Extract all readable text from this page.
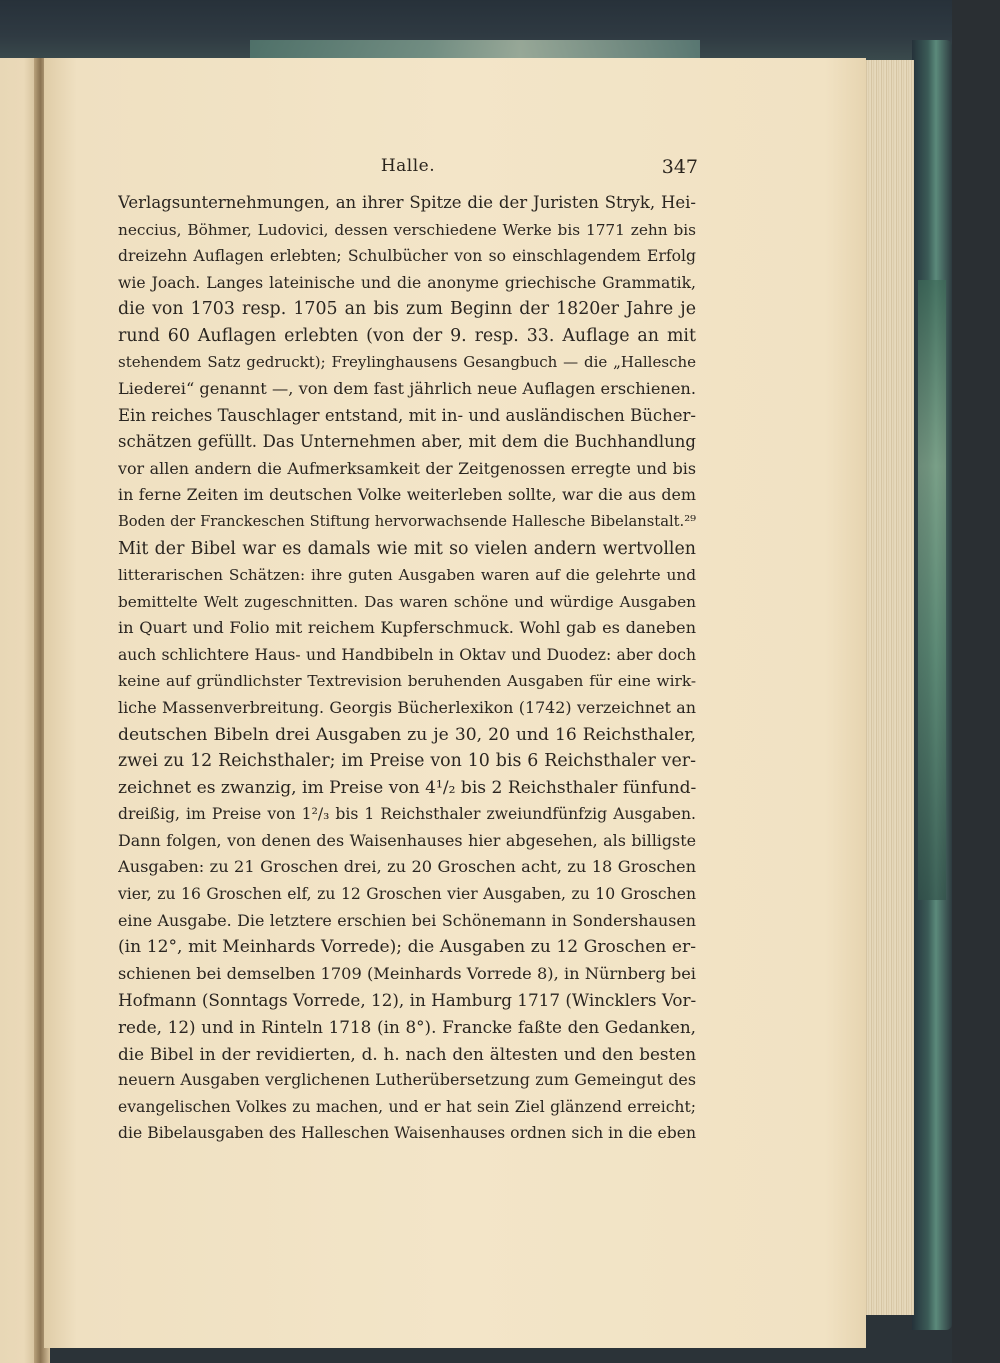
Halle.	347
Verlagsunternehmungen, an ihrer Spitze die der Juristen Stryk, Hei-
neccius, Böhmer, Ludovici, dessen verschiedene Werke bis 1771 zehn bis
dreizehn Auflagen erlebten; Schulbücher von so einschlagendem Erfolg
wie Joach. Langes lateinische und die anonyme griechische Grammatik,
die von 1703 resp. 1705 an bis zum Beginn der 1820er Jahre je
rund 60 Auflagen erlebten (von der 9. resp. 33. Auflage an mit
stehendem Satz gedruckt); Freylinghausens Gesangbuch — die „Hallesche
Liederei“ genannt —, von dem fast jährlich neue Auflagen erschienen.
Ein reiches Tauschlager entstand, mit in- und ausländischen Bücher-
schätzen gefüllt. Das Unternehmen aber, mit dem die Buchhandlung
vor allen andern die Aufmerksamkeit der Zeitgenossen erregte und bis
in ferne Zeiten im deutschen Volke weiterleben sollte, war die aus dem
Boden der Franckeschen Stiftung hervorwachsende Hallesche Bibelanstalt.²⁹
Mit der Bibel war es damals wie mit so vielen andern wertvollen
litterarischen Schätzen: ihre guten Ausgaben waren auf die gelehrte und
bemittelte Welt zugeschnitten. Das waren schöne und würdige Ausgaben
in Quart und Folio mit reichem Kupferschmuck. Wohl gab es daneben
auch schlichtere Haus- und Handbibeln in Oktav und Duodez: aber doch
keine auf gründlichster Textrevision beruhenden Ausgaben für eine wirk-
liche Massenverbreitung. Georgis Bücherlexikon (1742) verzeichnet an
deutschen Bibeln drei Ausgaben zu je 30, 20 und 16 Reichsthaler,
zwei zu 12 Reichsthaler; im Preise von 10 bis 6 Reichsthaler ver-
zeichnet es zwanzig, im Preise von 4¹/₂ bis 2 Reichsthaler fünfund-
dreißig, im Preise von 1²/₃ bis 1 Reichsthaler zweiundfünfzig Ausgaben.
Dann folgen, von denen des Waisenhauses hier abgesehen, als billigste
Ausgaben: zu 21 Groschen drei, zu 20 Groschen acht, zu 18 Groschen
vier, zu 16 Groschen elf, zu 12 Groschen vier Ausgaben, zu 10 Groschen
eine Ausgabe. Die letztere erschien bei Schönemann in Sondershausen
(in 12°, mit Meinhards Vorrede); die Ausgaben zu 12 Groschen er-
schienen bei demselben 1709 (Meinhards Vorrede 8), in Nürnberg bei
Hofmann (Sonntags Vorrede, 12), in Hamburg 1717 (Wincklers Vor-
rede, 12) und in Rinteln 1718 (in 8°). Francke faßte den Gedanken,
die Bibel in der revidierten, d. h. nach den ältesten und den besten
neuern Ausgaben verglichenen Lutherübersetzung zum Gemeingut des
evangelischen Volkes zu machen, und er hat sein Ziel glänzend erreicht;
die Bibelausgaben des Halleschen Waisenhauses ordnen sich in die eben
